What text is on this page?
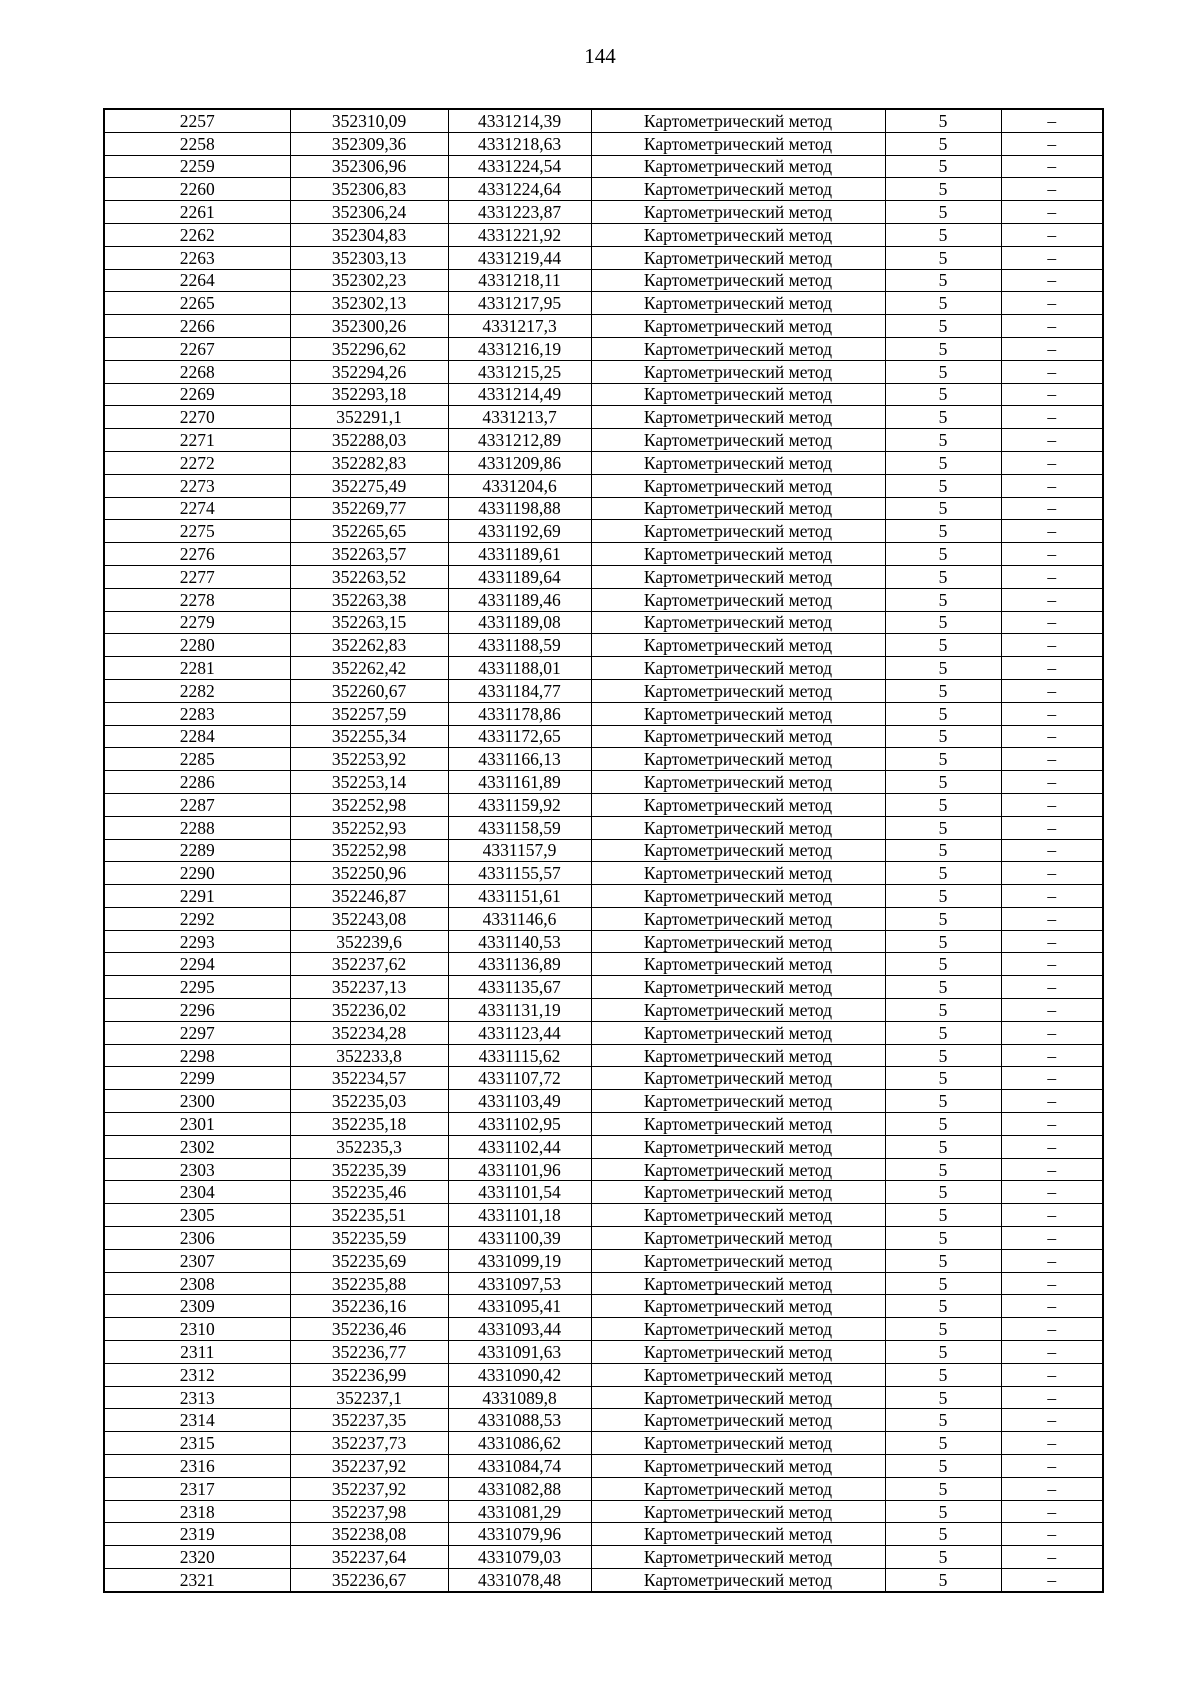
144
2257	352310,09	4331214,39	Картометрический метод	5	–
2258	352309,36	4331218,63	Картометрический метод	5	–
2259	352306,96	4331224,54	Картометрический метод	5	–
2260	352306,83	4331224,64	Картометрический метод	5	–
2261	352306,24	4331223,87	Картометрический метод	5	–
2262	352304,83	4331221,92	Картометрический метод	5	–
2263	352303,13	4331219,44	Картометрический метод	5	–
2264	352302,23	4331218,11	Картометрический метод	5	–
2265	352302,13	4331217,95	Картометрический метод	5	–
2266	352300,26	4331217,3	Картометрический метод	5	–
2267	352296,62	4331216,19	Картометрический метод	5	–
2268	352294,26	4331215,25	Картометрический метод	5	–
2269	352293,18	4331214,49	Картометрический метод	5	–
2270	352291,1	4331213,7	Картометрический метод	5	–
2271	352288,03	4331212,89	Картометрический метод	5	–
2272	352282,83	4331209,86	Картометрический метод	5	–
2273	352275,49	4331204,6	Картометрический метод	5	–
2274	352269,77	4331198,88	Картометрический метод	5	–
2275	352265,65	4331192,69	Картометрический метод	5	–
2276	352263,57	4331189,61	Картометрический метод	5	–
2277	352263,52	4331189,64	Картометрический метод	5	–
2278	352263,38	4331189,46	Картометрический метод	5	–
2279	352263,15	4331189,08	Картометрический метод	5	–
2280	352262,83	4331188,59	Картометрический метод	5	–
2281	352262,42	4331188,01	Картометрический метод	5	–
2282	352260,67	4331184,77	Картометрический метод	5	–
2283	352257,59	4331178,86	Картометрический метод	5	–
2284	352255,34	4331172,65	Картометрический метод	5	–
2285	352253,92	4331166,13	Картометрический метод	5	–
2286	352253,14	4331161,89	Картометрический метод	5	–
2287	352252,98	4331159,92	Картометрический метод	5	–
2288	352252,93	4331158,59	Картометрический метод	5	–
2289	352252,98	4331157,9	Картометрический метод	5	–
2290	352250,96	4331155,57	Картометрический метод	5	–
2291	352246,87	4331151,61	Картометрический метод	5	–
2292	352243,08	4331146,6	Картометрический метод	5	–
2293	352239,6	4331140,53	Картометрический метод	5	–
2294	352237,62	4331136,89	Картометрический метод	5	–
2295	352237,13	4331135,67	Картометрический метод	5	–
2296	352236,02	4331131,19	Картометрический метод	5	–
2297	352234,28	4331123,44	Картометрический метод	5	–
2298	352233,8	4331115,62	Картометрический метод	5	–
2299	352234,57	4331107,72	Картометрический метод	5	–
2300	352235,03	4331103,49	Картометрический метод	5	–
2301	352235,18	4331102,95	Картометрический метод	5	–
2302	352235,3	4331102,44	Картометрический метод	5	–
2303	352235,39	4331101,96	Картометрический метод	5	–
2304	352235,46	4331101,54	Картометрический метод	5	–
2305	352235,51	4331101,18	Картометрический метод	5	–
2306	352235,59	4331100,39	Картометрический метод	5	–
2307	352235,69	4331099,19	Картометрический метод	5	–
2308	352235,88	4331097,53	Картометрический метод	5	–
2309	352236,16	4331095,41	Картометрический метод	5	–
2310	352236,46	4331093,44	Картометрический метод	5	–
2311	352236,77	4331091,63	Картометрический метод	5	–
2312	352236,99	4331090,42	Картометрический метод	5	–
2313	352237,1	4331089,8	Картометрический метод	5	–
2314	352237,35	4331088,53	Картометрический метод	5	–
2315	352237,73	4331086,62	Картометрический метод	5	–
2316	352237,92	4331084,74	Картометрический метод	5	–
2317	352237,92	4331082,88	Картометрический метод	5	–
2318	352237,98	4331081,29	Картометрический метод	5	–
2319	352238,08	4331079,96	Картометрический метод	5	–
2320	352237,64	4331079,03	Картометрический метод	5	–
2321	352236,67	4331078,48	Картометрический метод	5	–
